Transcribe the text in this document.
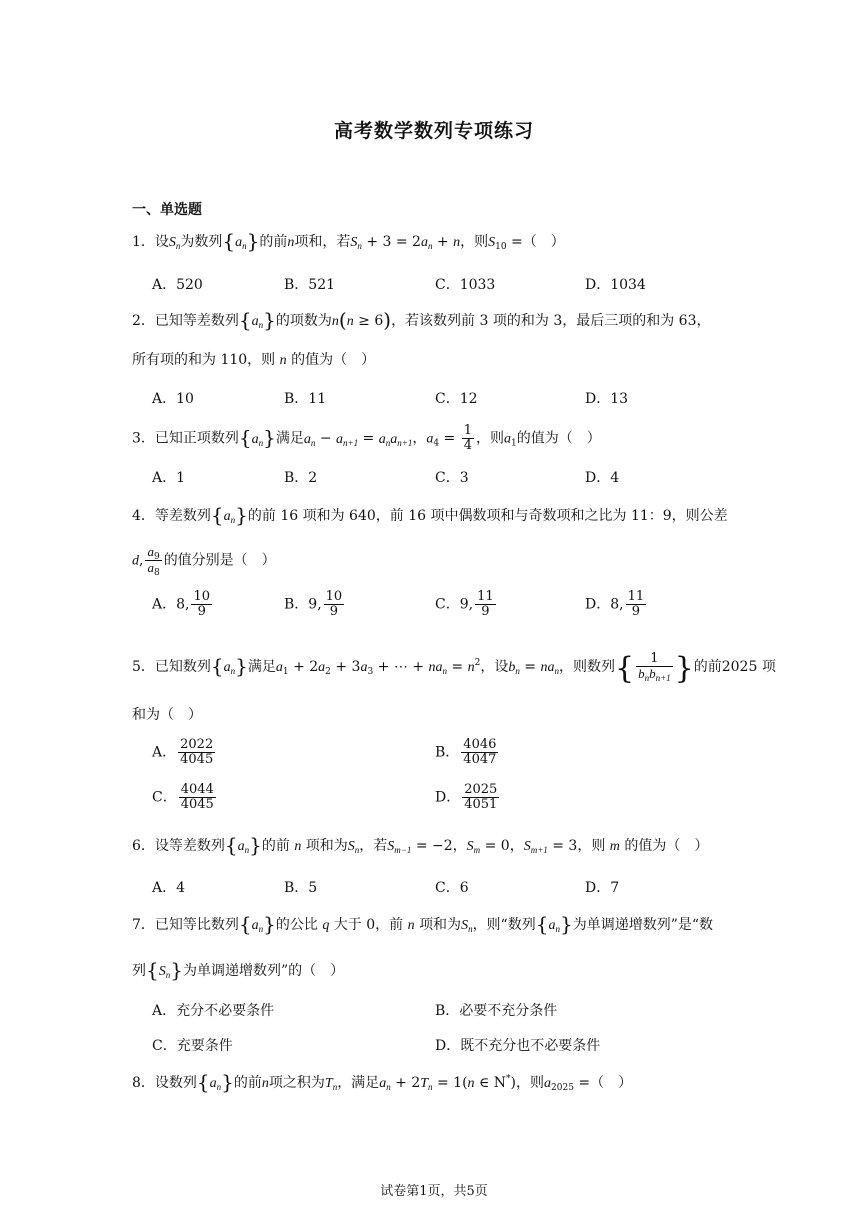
高考数学数列专项练习
一、单选题
1．设$S_n$为数列$\{a_n\}$的前n项和，若$S_n + 3 = 2a_n + n$，则$S_{10}$ =（　）
A．520	B．521	C．1033	D．1034
2．已知等差数列$\{a_n\}$的项数为n(n ≥ 6)，若该数列前 3 项的和为 3，最后三项的和为 63，
所有项的和为 110，则 n 的值为（　）
A．10	B．11	C．12	D．13
3．已知正项数列$\{a_n\}$满足$a_n - a_{n+1} = a_na_{n+1}$，$a_4 = \frac{1}{4}$ ，则$a_1$的值为（　）
A．1	B．2	C．3	D．4
4．等差数列$\{a_n\}$的前 16 项和为 640，前 16 项中偶数项和与奇数项和之比为 11：9，则公差
d, $\frac{a_9}{a_8}$ 的值分别是（　）
A．8, $\frac{10}{9}$	B．9, $\frac{10}{9}$	C．9, $\frac{11}{9}$	D．8, $\frac{11}{9}$
5．已知数列$\{a_n\}$满足$a_1 + 2a_2 + 3a_3$ + ⋯ + $na_n = n^2$，设$b_n = na_n$，则数列{ $\frac{1}{b_nb_{n+1}}$ }的前2025 项
和为（　）
A． $\frac{2022}{4045}$	B． $\frac{4046}{4047}$
C． $\frac{4044}{4045}$	D． $\frac{2025}{4051}$
6．设等差数列$\{a_n\}$的前 n 项和为$S_n$，若$S_{m-1} = -2$，$S_m = 0$，$S_{m+1} = 3$，则 m 的值为（　）
A．4	B．5	C．6	D．7
7．已知等比数列$\{a_n\}$的公比 q 大于 0，前 n 项和为$S_n$，则“数列$\{a_n\}$为单调递增数列”是“数
列$\{S_n\}$为单调递增数列”的（　）
A．充分不必要条件	B．必要不充分条件
C．充要条件	D．既不充分也不必要条件
8．设数列$\{a_n\}$的前n项之积为$T_n$，满足$a_n + 2T_n = 1(n$ ∈ N*)，则$a_{2025}$ =（　）
试卷第1页，共5页
